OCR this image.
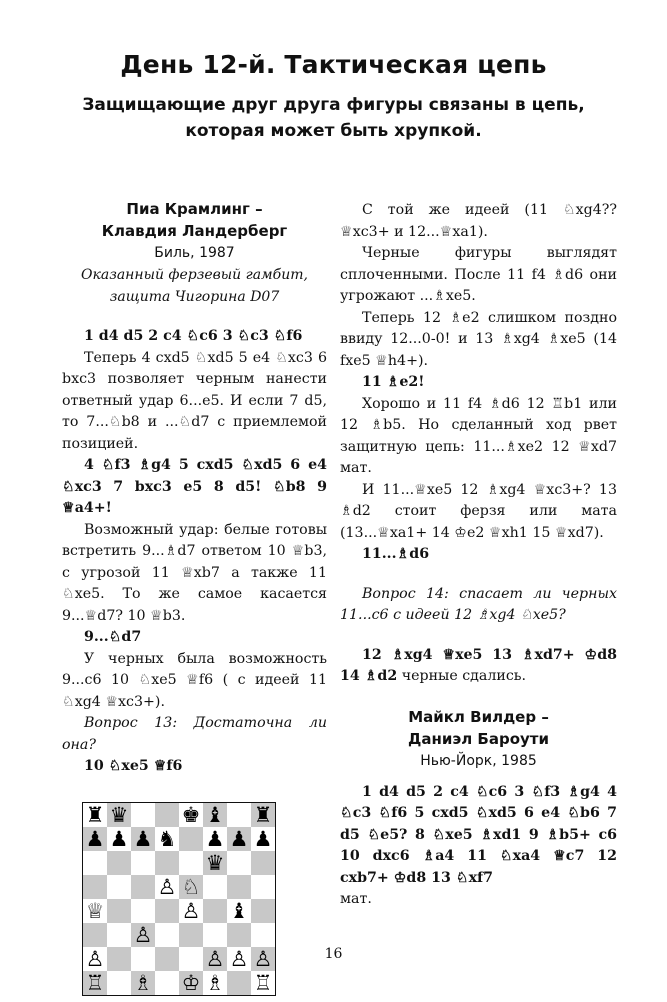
День 12-й. Тактическая цепь
Защищающие друг друга фигуры связаны в цепь, которая может быть хрупкой.
Пиа Крамлинг –
Клавдия Ландерберг
Биль, 1987
Оказанный ферзевый гамбит, защита Чигорина D07

1 d4 d5 2 c4 ♘c6 3 ♘c3 ♘f6

Теперь 4 cxd5 ♘xd5 5 e4 ♘xc3 6 bxc3 позволяет черным нанести ответный удар 6...e5. И если 7 d5, то 7...♘b8 и ...♘d7 с приемлемой позицией.

4 ♘f3 ♗g4 5 cxd5 ♘xd5 6 e4 ♘xc3 7 bxc3 e5 8 d5! ♘b8 9 ♕a4+!

Возможный удар: белые готовы встретить 9...♗d7 ответом 10 ♕b3, с угрозой 11 ♕xb7 а также 11 ♘xe5. То же самое касается 9...♕d7? 10 ♕b3.

9...♘d7

У черных была возможность 9...c6 10 ♘xe5 ♕f6 ( с идеей 11 ♘xg4 ♕xc3+).

Вопрос 13: Достаточна ли она?

10 ♘xe5 ♕f6

♜ ♛	♚ ♝ ♜
♟ ♟ ♟ ♞ ♟ ♟ ♟
♛
♙ ♘
♕	♙ ♝
♙
♙	♙ ♙ ♙
♖ ♗ ♔ ♗ ♖

С той же идеей (11 ♘xg4?? ♕xc3+ и 12...♕xa1).

Черные фигуры выглядят сплоченными. После 11 f4 ♗d6 они угрожают ...♗xe5.

Теперь 12 ♗e2 слишком поздно ввиду 12...0-0! и 13 ♗xg4 ♗xe5 (14 fxe5 ♕h4+).

11 ♗e2!

Хорошо и 11 f4 ♗d6 12 ♖b1 или 12 ♗b5. Но сделанный ход рвет защитную цепь: 11...♗xe2 12 ♕xd7 мат.

И 11...♕xe5 12 ♗xg4 ♕xc3+? 13 ♗d2 стоит ферзя или мата (13...♕xa1+ 14 ♔e2 ♕xh1 15 ♕xd7).

11...♗d6

Вопрос 14: спасает ли черных 11...c6 с идеей 12 ♗xg4 ♘xe5?

12 ♗xg4 ♕xe5 13 ♗xd7+ ♔d8 14 ♗d2 черные сдались.

Майкл Вилдер –
Даниэл Бароути
Нью-Йорк, 1985

1 d4 d5 2 c4 ♘c6 3 ♘f3 ♗g4 4 ♘c3 ♘f6 5 cxd5 ♘xd5 6 e4 ♘b6 7 d5 ♘e5? 8 ♘xe5 ♗xd1 9 ♗b5+ c6 10 dxc6 ♗a4 11 ♘xa4 ♕c7 12 cxb7+ ♔d8 13 ♘xf7

мат.

16
